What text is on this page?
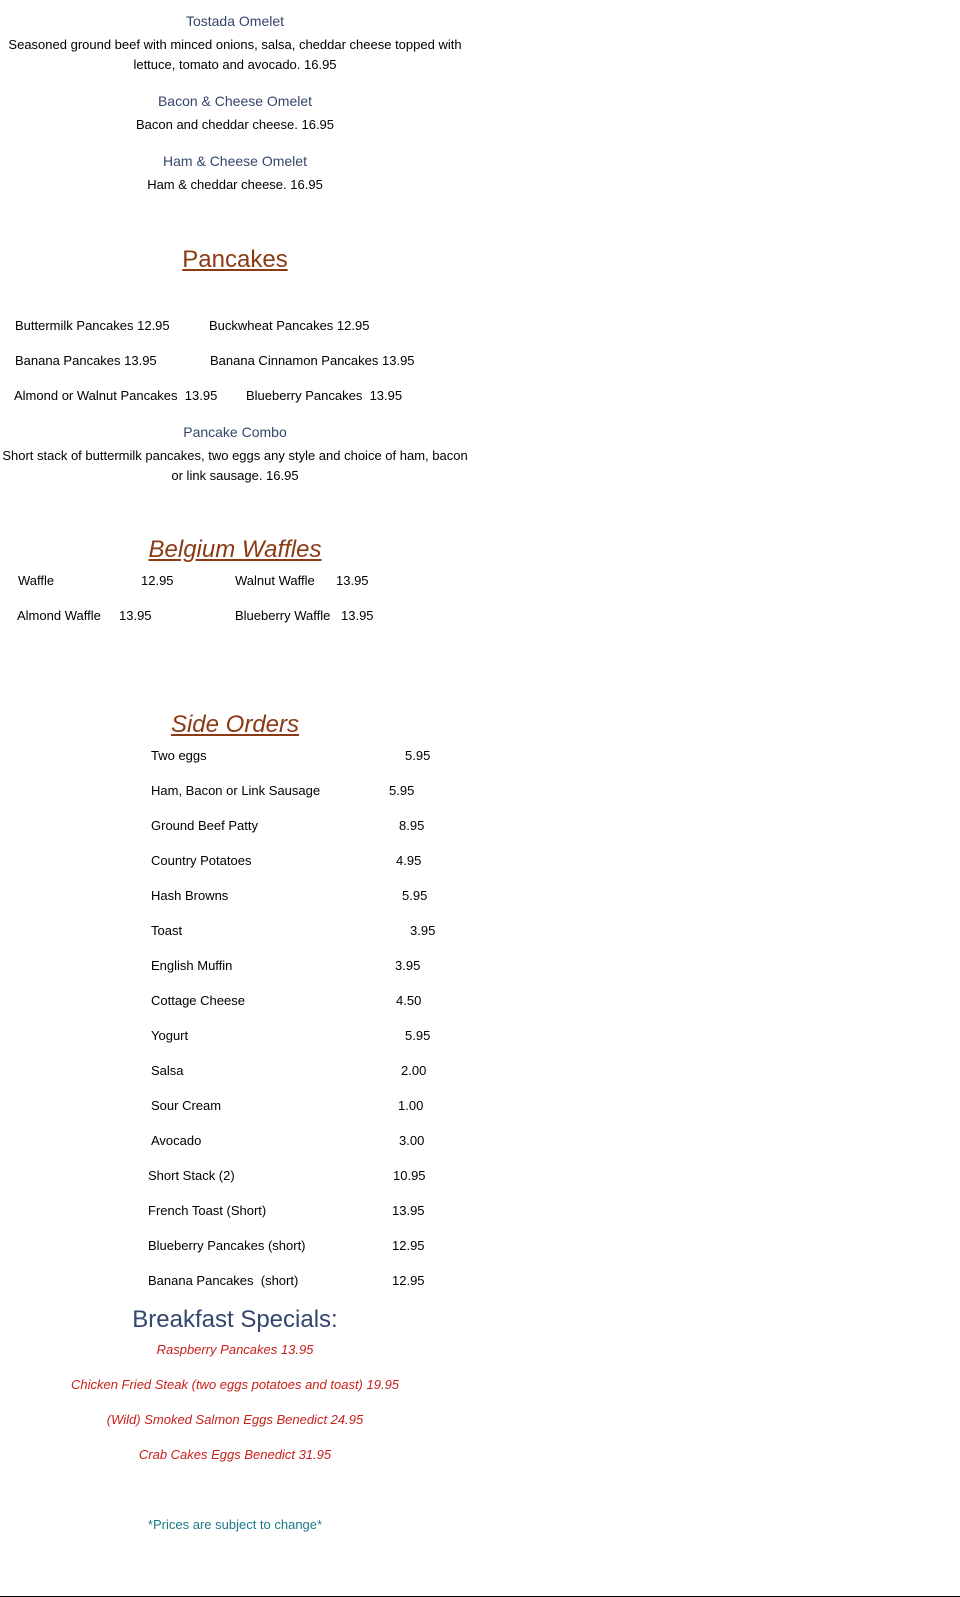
Tostada Omelet
Seasoned ground beef with minced onions, salsa, cheddar cheese topped with
lettuce, tomato and avocado. 16.95
Bacon & Cheese Omelet
Bacon and cheddar cheese. 16.95
Ham & Cheese Omelet
Ham & cheddar cheese. 16.95
Pancakes
Buttermilk Pancakes 12.95	Buckwheat Pancakes 12.95
Banana Pancakes 13.95	Banana Cinnamon Pancakes 13.95
Almond or Walnut Pancakes  13.95 Blueberry Pancakes  13.95
Pancake Combo
Short stack of buttermilk pancakes, two eggs any style and choice of ham, bacon
or link sausage. 16.95
Belgium Waffles
Waffle	12.95	Walnut Waffle 13.95
Almond Waffle 13.95	Blueberry Waffle 13.95
Side Orders
Two eggs	5.95
Ham, Bacon or Link Sausage	5.95
Ground Beef Patty	8.95
Country Potatoes	4.95
Hash Browns	5.95
Toast	3.95
English Muffin	3.95
Cottage Cheese	4.50
Yogurt	5.95
Salsa	2.00
Sour Cream	1.00
Avocado	3.00
Short Stack (2)	10.95
French Toast (Short)	13.95
Blueberry Pancakes (short)	12.95
Banana Pancakes  (short)	12.95
Breakfast Specials:
Raspberry Pancakes 13.95
Chicken Fried Steak (two eggs potatoes and toast) 19.95
(Wild) Smoked Salmon Eggs Benedict 24.95
Crab Cakes Eggs Benedict 31.95
*Prices are subject to change*
